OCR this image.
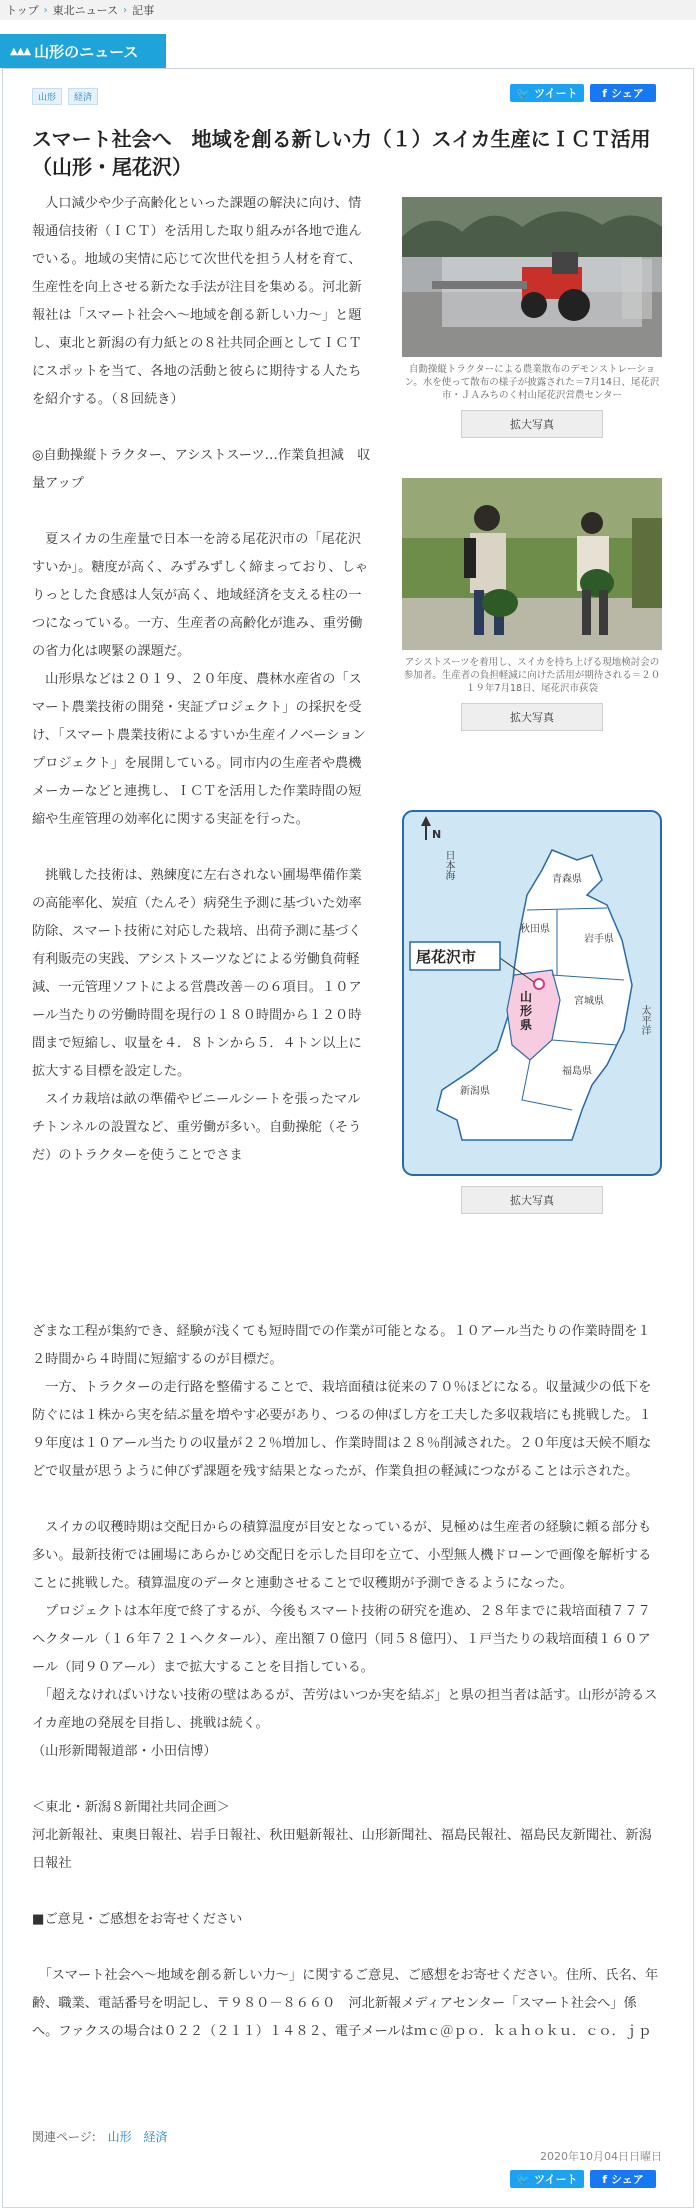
トップ › 東北ニュース › 記事
▲▲▲ 山形のニュース
山形	経済	🐦 ツイート f シェア
スマート社会へ　地域を創る新しい力（１）スイカ生産にＩＣＴ活用（山形・尾花沢）

　人口減少や少子高齢化といった課題の解決に向け、情報通信技術（ＩＣＴ）を活用した取り組みが各地で進んでいる。地域の実情に応じて次世代を担う人材を育て、生産性を向上させる新たな手法が注目を集める。河北新報社は「スマート社会へ～地域を創る新しい力～」と題し、東北と新潟の有力紙との８社共同企画としてＩＣＴにスポットを当て、各地の活動と彼らに期待する人たちを紹介する。（８回続き）

◎自動操縦トラクター、アシストスーツ…作業負担減　収量アップ

　夏スイカの生産量で日本一を誇る尾花沢市の「尾花沢すいか」。糖度が高く、みずみずしく締まっており、しゃりっとした食感は人気が高く、地域経済を支える柱の一つになっている。一方、生産者の高齢化が進み、重労働の省力化は喫緊の課題だ。

　山形県などは２０１９、２０年度、農林水産省の「スマート農業技術の開発・実証プロジェクト」の採択を受け、「スマート農業技術によるすいか生産イノベーションプロジェクト」を展開している。同市内の生産者や農機メーカーなどと連携し、ＩＣＴを活用した作業時間の短縮や生産管理の効率化に関する実証を行った。

　挑戦した技術は、熟練度に左右されない圃場準備作業の高能率化、炭疽（たんそ）病発生予測に基づいた効率防除、スマート技術に対応した栽培、出荷予測に基づく有利販売の実践、アシストスーツなどによる労働負荷軽減、一元管理ソフトによる営農改善－の６項目。１０アール当たりの労働時間を現行の１８０時間から１２０時間まで短縮し、収量を４．８トンから５．４トン以上に拡大する目標を設定した。

　スイカ栽培は畝の準備やビニールシートを張ったマルチトンネルの設置など、重労働が多い。自動操舵（そうだ）のトラクターを使うことでさま

ざまな工程が集約でき、経験が浅くても短時間での作業が可能となる。１０アール当たりの作業時間を１２時間から４時間に短縮するのが目標だ。

　一方、トラクターの走行路を整備することで、栽培面積は従来の７０％ほどになる。収量減少の低下を防ぐには１株から実を結ぶ量を増やす必要があり、つるの伸ばし方を工夫した多収栽培にも挑戦した。１９年度は１０アール当たりの収量が２２％増加し、作業時間は２８％削減された。２０年度は天候不順などで収量が思うように伸びず課題を残す結果となったが、作業負担の軽減につながることは示された。

　スイカの収穫時期は交配日からの積算温度が目安となっているが、見極めは生産者の経験に頼る部分も多い。最新技術では圃場にあらかじめ交配日を示した目印を立て、小型無人機ドローンで画像を解析することに挑戦した。積算温度のデータと連動させることで収穫期が予測できるようになった。

　プロジェクトは本年度で終了するが、今後もスマート技術の研究を進め、２８年までに栽培面積７７７ヘクタール（１６年７２１ヘクタール）、産出額７０億円（同５８億円）、１戸当たりの栽培面積１６０アール（同９０アール）まで拡大することを目指している。

　「超えなければいけない技術の壁はあるが、苦労はいつか実を結ぶ」と県の担当者は話す。山形が誇るスイカ産地の発展を目指し、挑戦は続く。

（山形新聞報道部・小田信博）

＜東北・新潟８新聞社共同企画＞

河北新報社、東奥日報社、岩手日報社、秋田魁新報社、山形新聞社、福島民報社、福島民友新聞社、新潟日報社

■ご意見・ご感想をお寄せください

　「スマート社会へ～地域を創る新しい力～」に関するご意見、ご感想をお寄せください。住所、氏名、年齢、職業、電話番号を明記し、〒９８０－８６６０　河北新報メディアセンター「スマート社会へ」係へ。ファクスの場合は０２２（２１１）１４８２、電子メールはｍｃ＠ｐｏ．ｋａｈｏｋｕ．ｃｏ．ｊｐ

自動操縦トラクターによる農業散布のデモンストレーション。水を使って散布の様子が披露された＝7月14日、尾花沢市・ＪＡみちのく村山尾花沢営農センター
拡大写真
アシストスーツを着用し、スイカを持ち上げる現地検討会の参加者。生産者の負担軽減に向けた活用が期待される＝２０１９年7月18日、尾花沢市荻袋
拡大写真
N
日本海
太平洋
尾花沢市
青森県
秋田県
岩手県
山形県
宮城県
福島県
新潟県
拡大写真
関連ページ: 山形 経済
2020年10月04日日曜日
🐦 ツイート f シェア
